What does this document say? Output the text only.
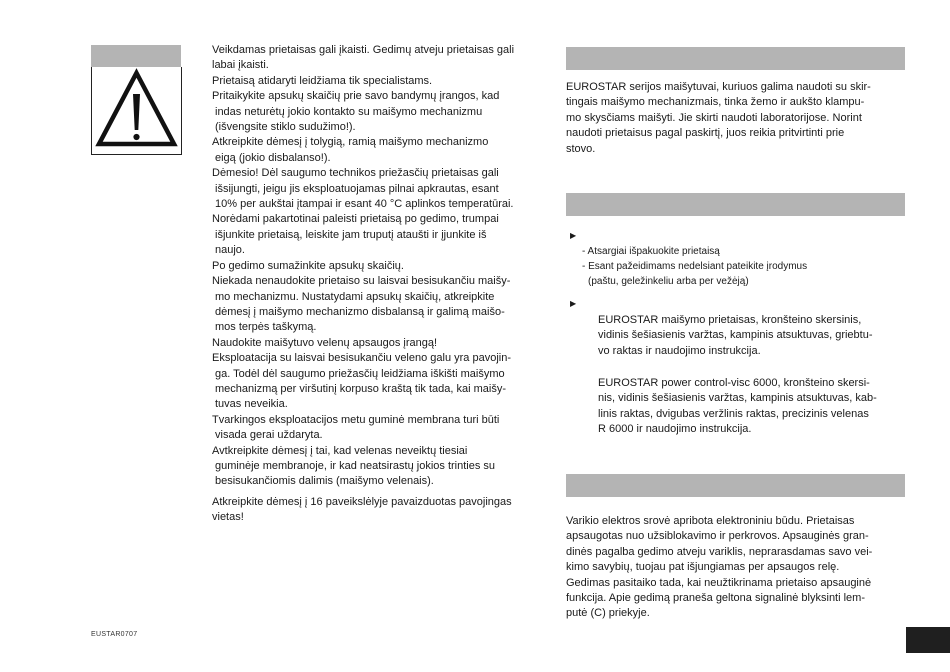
Veikdamas prietaisas gali įkaisti. Gedimų atveju prietaisas gali
labai įkaisti.
Prietaisą atidaryti leidžiama tik specialistams.
Pritaikykite apsukų skaičių prie savo bandymų įrangos, kad
indas neturėtų jokio kontakto su maišymo mechanizmu
(išvengsite stiklo sudužimo!).
Atkreipkite dėmesį į tolygią, ramią maišymo mechanizmo
eigą (jokio disbalanso!).
Dėmesio! Dėl saugumo technikos priežasčių prietaisas gali
išsijungti, jeigu jis eksploatuojamas pilnai apkrautas, esant
10% per aukštai įtampai ir esant 40 °C aplinkos temperatūrai.
Norėdami pakartotinai paleisti prietaisą po gedimo, trumpai
išjunkite prietaisą, leiskite jam truputį ataušti ir įjunkite iš
naujo.
Po gedimo sumažinkite apsukų skaičių.
Niekada nenaudokite prietaiso su laisvai besisukančiu maišy-
mo mechanizmu. Nustatydami apsukų skaičių, atkreipkite
dėmesį į maišymo mechanizmo disbalansą ir galimą maišo-
mos terpės taškymą.
Naudokite maišytuvo velenų apsaugos įrangą!
Eksploatacija su laisvai besisukančiu veleno galu yra pavojin-
ga. Todėl dėl saugumo priežasčių leidžiama iškišti maišymo
mechanizmą per viršutinį korpuso kraštą tik tada, kai maišy-
tuvas neveikia.
Tvarkingos eksploatacijos metu guminė membrana turi būti
visada gerai uždaryta.
Avtkreipkite dėmesį į tai, kad velenas neveiktų tiesiai
guminėje membranoje, ir kad neatsirastų jokios trinties su
besisukančiomis dalimis (maišymo velenais).
Atkreipkite dėmesį į 16 paveikslėlyje pavaizduotas pavojingas
vietas!
EUSTAR0707
EUROSTAR serijos maišytuvai, kuriuos galima naudoti su skir-
tingais maišymo mechanizmais, tinka žemo ir aukšto klampu-
mo skysčiams maišyti. Jie skirti naudoti laboratorijose. Norint
naudoti prietaisus pagal paskirtį, juos reikia pritvirtinti prie
stovo.
▶
- Atsargiai išpakuokite prietaisą
- Esant pažeidimams nedelsiant pateikite įrodymus
(paštu, geležinkeliu arba per vežėją)
▶
EUROSTAR maišymo prietaisas, kronšteino skersinis,
vidinis šešiasienis varžtas, kampinis atsuktuvas, griebtu-
vo raktas ir naudojimo instrukcija.
EUROSTAR power control-visc 6000, kronšteino skersi-
nis, vidinis šešiasienis varžtas, kampinis atsuktuvas, kab-
linis raktas, dvigubas veržlinis raktas, precizinis velenas
R 6000 ir naudojimo instrukcija.
Varikio elektros srovė apribota elektroniniu būdu. Prietaisas
apsaugotas nuo užsiblokavimo ir perkrovos. Apsauginės gran-
dinės pagalba gedimo atveju variklis, neprarasdamas savo vei-
kimo savybių, tuojau pat išjungiamas per apsaugos relę.
Gedimas pasitaiko tada, kai neužtikrinama prietaiso apsauginė
funkcija. Apie gedimą praneša geltona signalinė blyksinti lem-
putė (C) priekyje.
